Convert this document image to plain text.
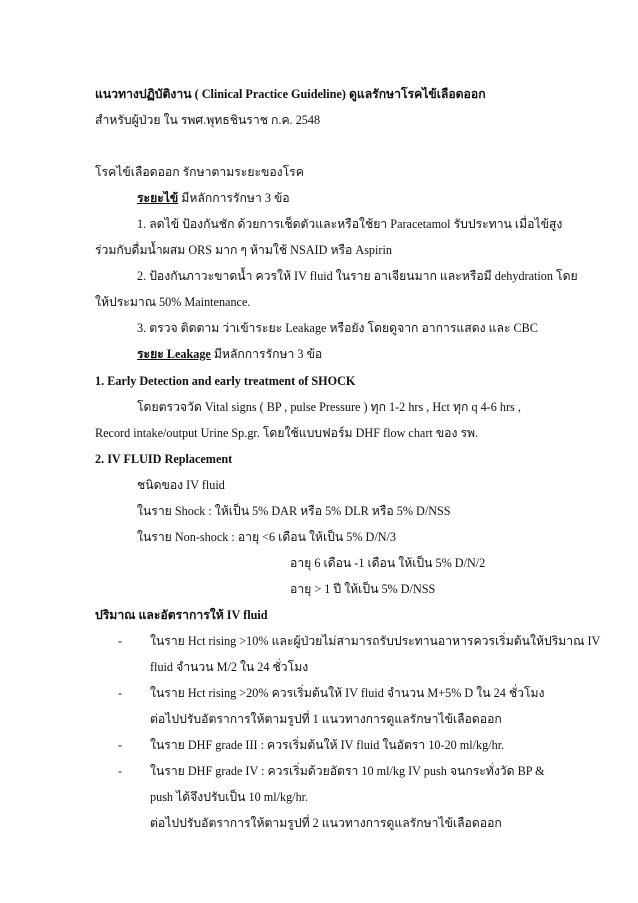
แนวทางปฏิบัติงาน ( Clinical Practice Guideline) ดูแลรักษาโรคไข้เลือดออก
สำหรับผู้ป่วย ใน รพศ.พุทธชินราช ก.ค. 2548
โรคไข้เลือดออก รักษาตามระยะของโรค
ระยะไข้ มีหลักการรักษา 3 ข้อ
1. ลดไข้ ป้องกันชัก ด้วยการเช็ดตัวและหรือใช้ยา Paracetamol รับประทาน เมื่อไข้สูง
ร่วมกับดื่มน้ำผสม ORS มาก ๆ ห้ามใช้ NSAID หรือ Aspirin
2. ป้องกันภาวะขาดน้ำ ควรให้ IV fluid ในราย อาเจียนมาก และหรือมี dehydration โดย
ให้ประมาณ 50% Maintenance.
3. ตรวจ ติดตาม ว่าเข้าระยะ Leakage หรือยัง โดยดูจาก อาการแสดง และ CBC
ระยะ Leakage มีหลักการรักษา 3 ข้อ
1. Early Detection and early treatment of SHOCK
โดยตรวจวัด Vital signs ( BP , pulse Pressure ) ทุก 1-2 hrs , Hct ทุก q 4-6 hrs ,
Record intake/output Urine Sp.gr. โดยใช้แบบฟอร์ม DHF flow chart ของ รพ.
2. IV FLUID Replacement
ชนิดของ IV fluid
ในราย Shock : ให้เป็น 5% DAR หรือ 5% DLR หรือ 5% D/NSS
ในราย Non-shock : อายุ <6 เดือน ให้เป็น 5% D/N/3
อายุ 6 เดือน -1 เดือน ให้เป็น 5% D/N/2
อายุ > 1 ปี ให้เป็น 5% D/NSS
ปริมาณ และอัตราการให้ IV fluid
-	ในราย Hct rising >10% และผู้ป่วยไม่สามารถรับประทานอาหารควรเริ่มต้นให้ปริมาณ IV
fluid จำนวน M/2 ใน 24 ชั่วโมง
-	ในราย Hct rising >20% ควรเริ่มต้นให้ IV fluid จำนวน M+5% D ใน 24 ชั่วโมง
ต่อไปปรับอัตราการให้ตามรูปที่ 1 แนวทางการดูแลรักษาไข้เลือดออก
-	ในราย DHF grade III : ควรเริ่มต้นให้ IV fluid ในอัตรา 10-20 ml/kg/hr.
-	ในราย DHF grade IV : ควรเริ่มด้วยอัตรา 10 ml/kg IV push จนกระทั่งวัด BP &
push ได้จึงปรับเป็น 10 ml/kg/hr.
ต่อไปปรับอัตราการให้ตามรูปที่ 2 แนวทางการดูแลรักษาไข้เลือดออก
